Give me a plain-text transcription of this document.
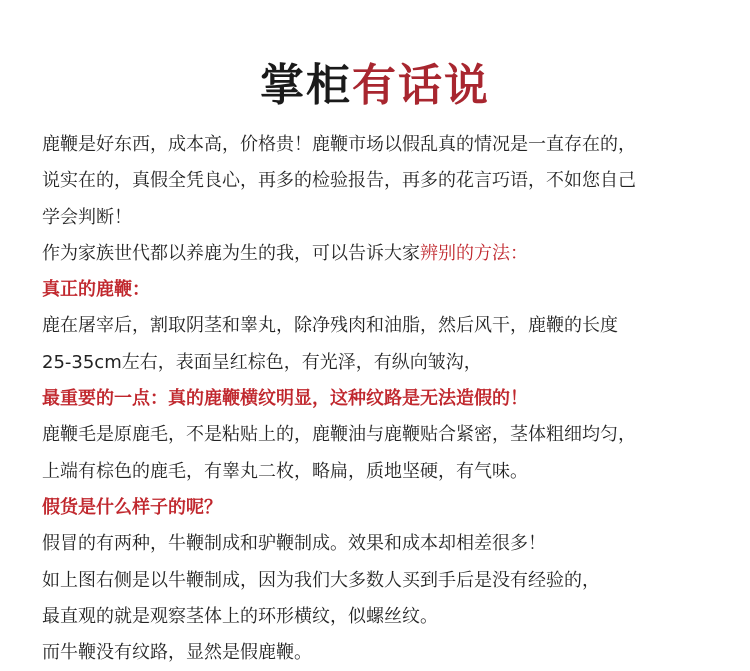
掌柜有话说
鹿鞭是好东西，成本高，价格贵！鹿鞭市场以假乱真的情况是一直存在的，
说实在的，真假全凭良心，再多的检验报告，再多的花言巧语，不如您自己
学会判断！
作为家族世代都以养鹿为生的我，可以告诉大家辨别的方法：
真正的鹿鞭：
鹿在屠宰后，割取阴茎和睾丸，除净残肉和油脂，然后风干，鹿鞭的长度
25-35cm左右，表面呈红棕色，有光泽，有纵向皱沟，
最重要的一点：真的鹿鞭横纹明显，这种纹路是无法造假的！
鹿鞭毛是原鹿毛，不是粘贴上的，鹿鞭油与鹿鞭贴合紧密，茎体粗细均匀，
上端有棕色的鹿毛，有睾丸二枚，略扁，质地坚硬，有气味。
假货是什么样子的呢？
假冒的有两种，牛鞭制成和驴鞭制成。效果和成本却相差很多！
如上图右侧是以牛鞭制成，因为我们大多数人买到手后是没有经验的，
最直观的就是观察茎体上的环形横纹，似螺丝纹。
而牛鞭没有纹路，显然是假鹿鞭。
